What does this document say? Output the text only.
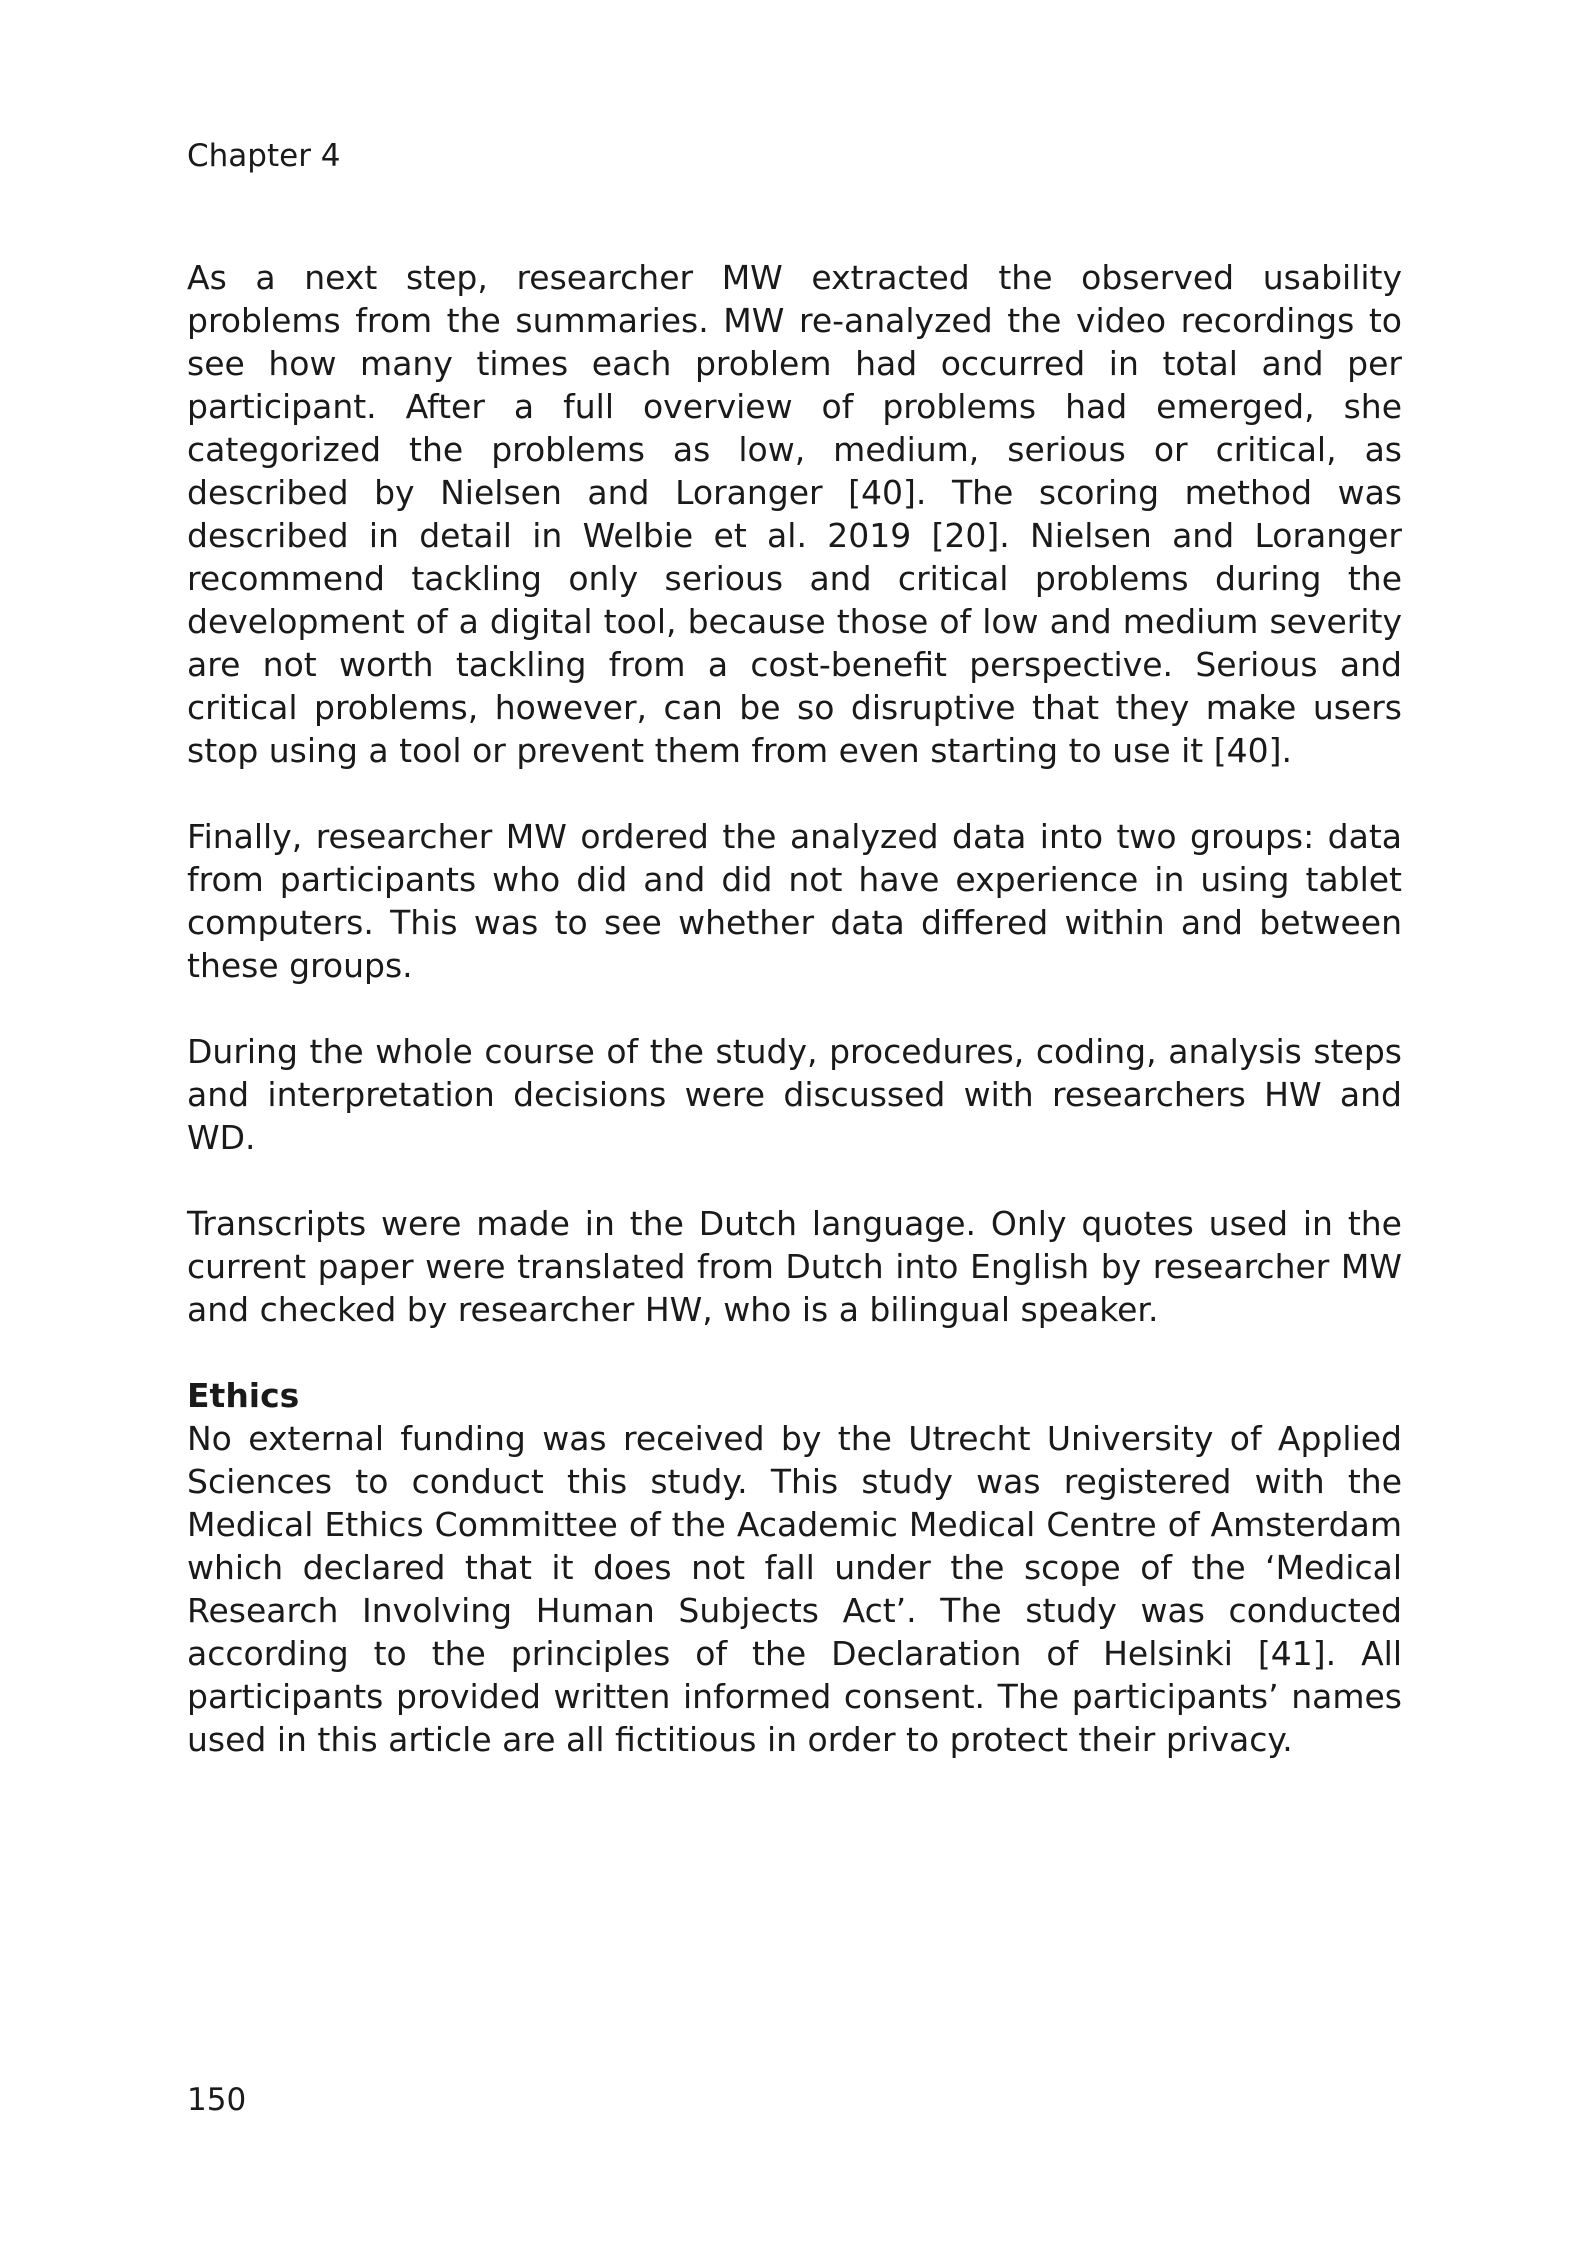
Chapter 4

As a next step, researcher MW extracted the observed usability problems from the summaries. MW re-analyzed the video recordings to see how many times each problem had occurred in total and per participant. After a full overview of problems had emerged, she categorized the problems as low, medium, serious or critical, as described by Nielsen and Loranger [40]. The scoring method was described in detail in Welbie et al. 2019 [20]. Nielsen and Loranger recommend tackling only serious and critical problems during the development of a digital tool, because those of low and medium severity are not worth tackling from a cost-benefit perspective. Serious and critical problems, however, can be so disruptive that they make users stop using a tool or prevent them from even starting to use it [40].

Finally, researcher MW ordered the analyzed data into two groups: data from participants who did and did not have experience in using tablet computers. This was to see whether data differed within and between these groups.

During the whole course of the study, procedures, coding, analysis steps and interpretation decisions were discussed with researchers HW and WD.

Transcripts were made in the Dutch language. Only quotes used in the current paper were translated from Dutch into English by researcher MW and checked by researcher HW, who is a bilingual speaker.

Ethics

No external funding was received by the Utrecht University of Applied Sciences to conduct this study. This study was registered with the Medical Ethics Committee of the Academic Medical Centre of Amsterdam which declared that it does not fall under the scope of the ‘Medical Research Involving Human Subjects Act’. The study was conducted according to the principles of the Declaration of Helsinki [41]. All participants provided written informed consent. The participants’ names used in this article are all fictitious in order to protect their privacy.

150
